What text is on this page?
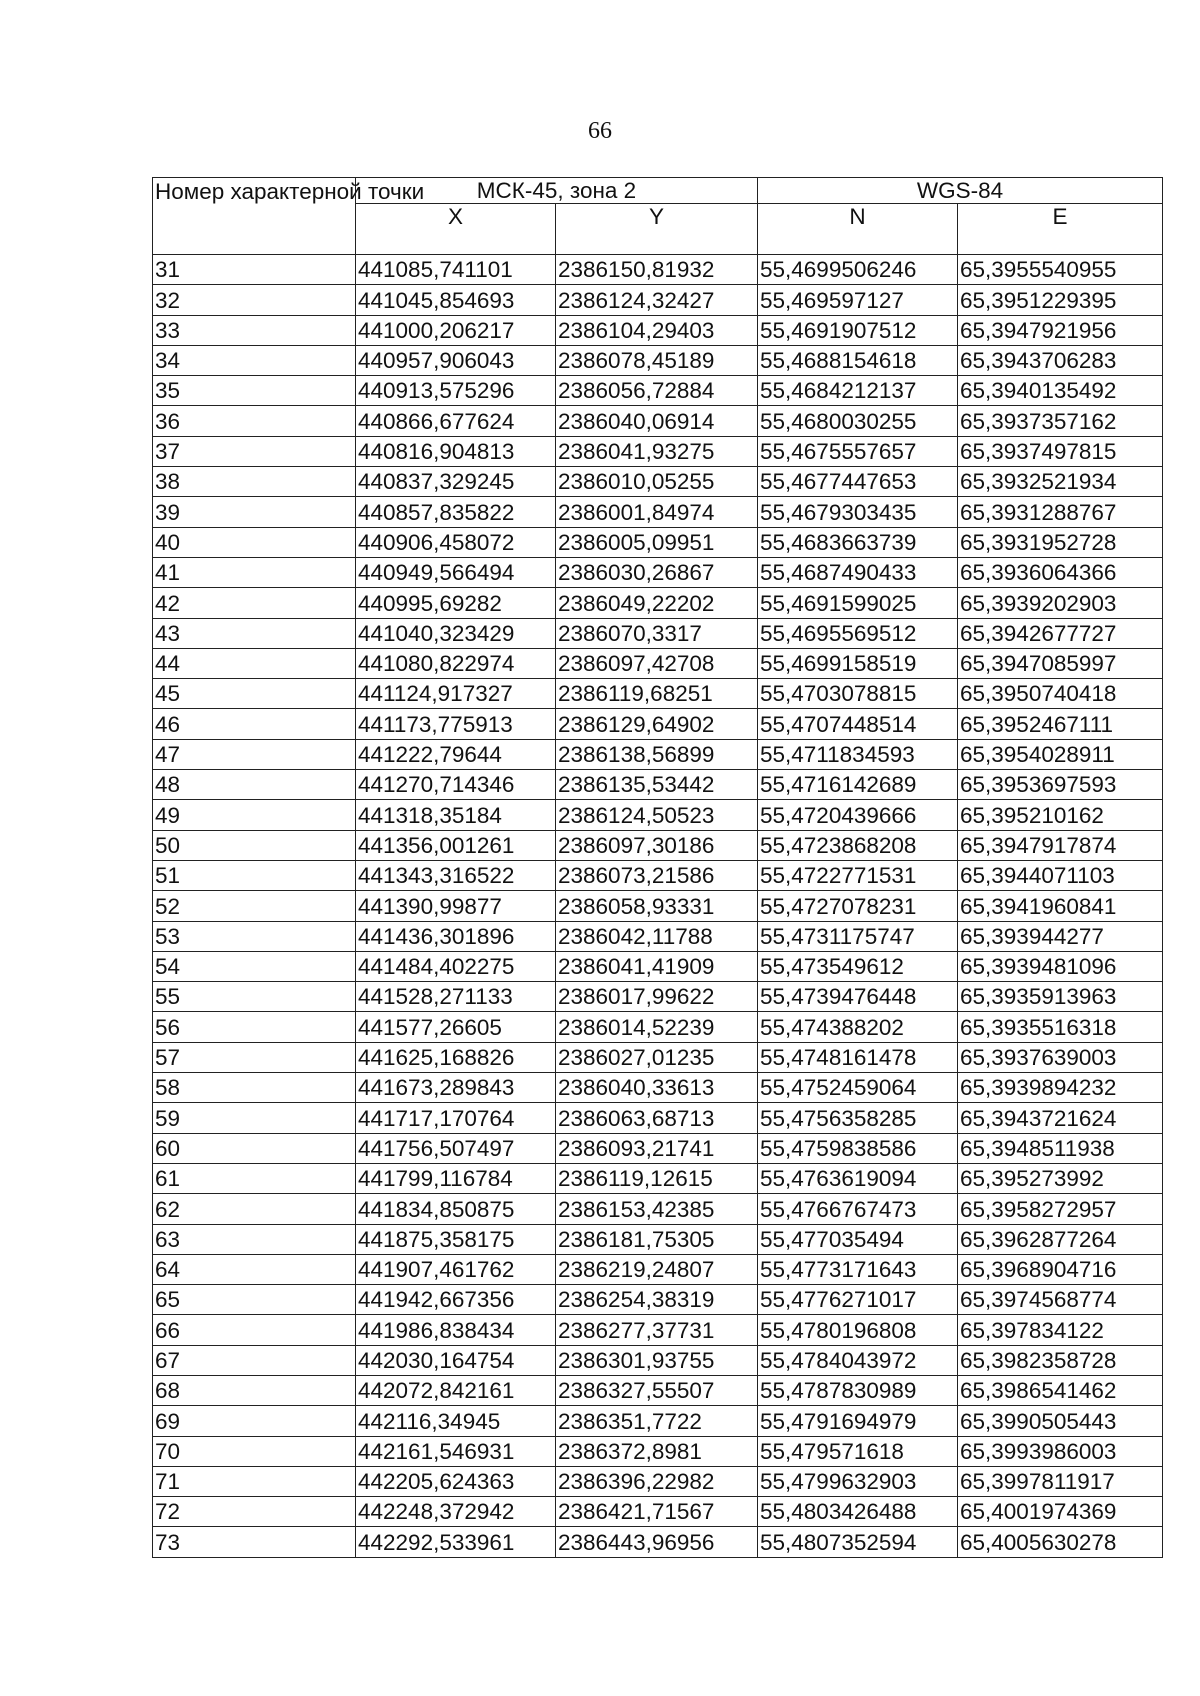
66
Номер характерной точки	МСК-45, зона 2		WGS-84	
	X	Y	N	E
31	441085,741101	2386150,81932	55,4699506246	65,3955540955
32	441045,854693	2386124,32427	55,469597127	65,3951229395
33	441000,206217	2386104,29403	55,4691907512	65,3947921956
34	440957,906043	2386078,45189	55,4688154618	65,3943706283
35	440913,575296	2386056,72884	55,4684212137	65,3940135492
36	440866,677624	2386040,06914	55,4680030255	65,3937357162
37	440816,904813	2386041,93275	55,4675557657	65,3937497815
38	440837,329245	2386010,05255	55,4677447653	65,3932521934
39	440857,835822	2386001,84974	55,4679303435	65,3931288767
40	440906,458072	2386005,09951	55,4683663739	65,3931952728
41	440949,566494	2386030,26867	55,4687490433	65,3936064366
42	440995,69282	2386049,22202	55,4691599025	65,3939202903
43	441040,323429	2386070,3317	55,4695569512	65,3942677727
44	441080,822974	2386097,42708	55,4699158519	65,3947085997
45	441124,917327	2386119,68251	55,4703078815	65,3950740418
46	441173,775913	2386129,64902	55,4707448514	65,3952467111
47	441222,79644	2386138,56899	55,4711834593	65,3954028911
48	441270,714346	2386135,53442	55,4716142689	65,3953697593
49	441318,35184	2386124,50523	55,4720439666	65,395210162
50	441356,001261	2386097,30186	55,4723868208	65,3947917874
51	441343,316522	2386073,21586	55,4722771531	65,3944071103
52	441390,99877	2386058,93331	55,4727078231	65,3941960841
53	441436,301896	2386042,11788	55,4731175747	65,393944277
54	441484,402275	2386041,41909	55,473549612	65,3939481096
55	441528,271133	2386017,99622	55,4739476448	65,3935913963
56	441577,26605	2386014,52239	55,474388202	65,3935516318
57	441625,168826	2386027,01235	55,4748161478	65,3937639003
58	441673,289843	2386040,33613	55,4752459064	65,3939894232
59	441717,170764	2386063,68713	55,4756358285	65,3943721624
60	441756,507497	2386093,21741	55,4759838586	65,3948511938
61	441799,116784	2386119,12615	55,4763619094	65,395273992
62	441834,850875	2386153,42385	55,4766767473	65,3958272957
63	441875,358175	2386181,75305	55,477035494	65,3962877264
64	441907,461762	2386219,24807	55,4773171643	65,3968904716
65	441942,667356	2386254,38319	55,4776271017	65,3974568774
66	441986,838434	2386277,37731	55,4780196808	65,397834122
67	442030,164754	2386301,93755	55,4784043972	65,3982358728
68	442072,842161	2386327,55507	55,4787830989	65,3986541462
69	442116,34945	2386351,7722	55,4791694979	65,3990505443
70	442161,546931	2386372,8981	55,479571618	65,3993986003
71	442205,624363	2386396,22982	55,4799632903	65,3997811917
72	442248,372942	2386421,71567	55,4803426488	65,4001974369
73	442292,533961	2386443,96956	55,4807352594	65,4005630278
